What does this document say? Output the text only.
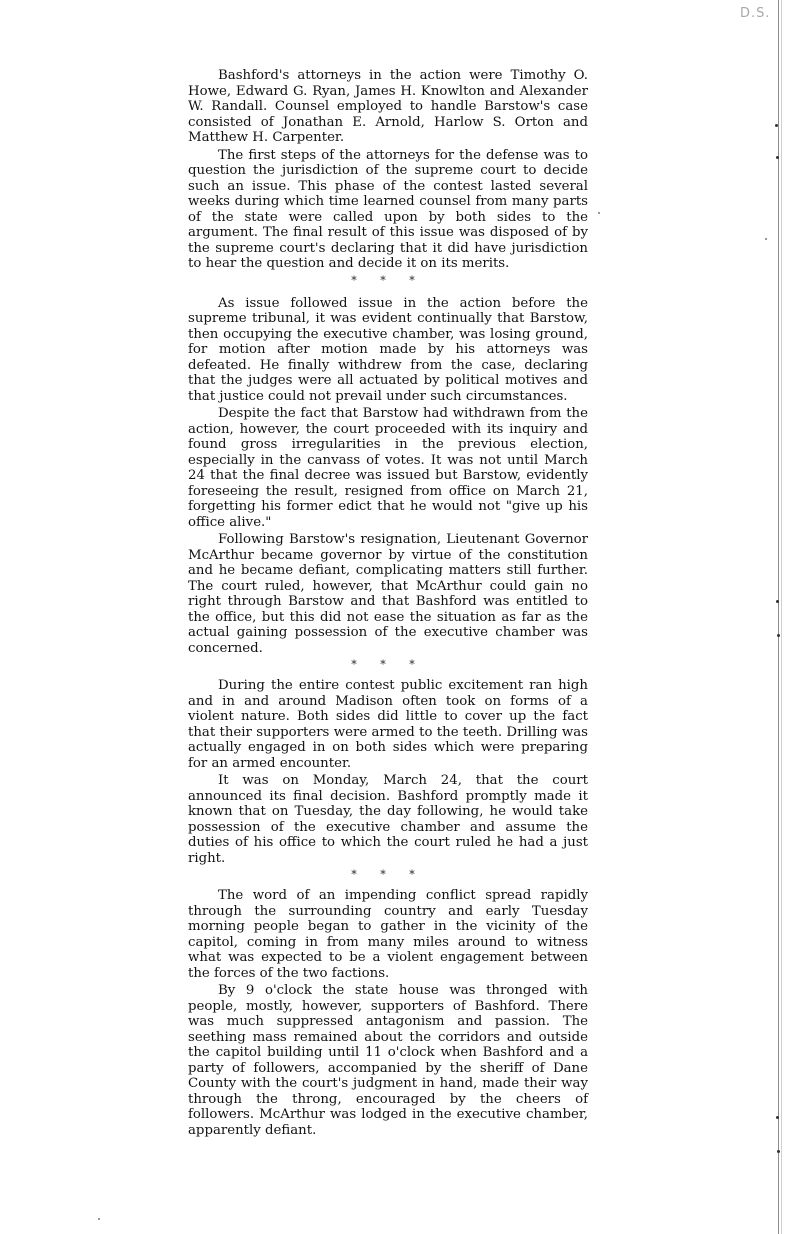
D.S.

Bashford's attorneys in the action were Timothy O. Howe, Edward G. Ryan, James H. Knowlton and Alexander W. Randall. Counsel employed to handle Barstow's case consisted of Jonathan E. Arnold, Harlow S. Orton and Matthew H. Carpenter.

The first steps of the attorneys for the defense was to question the jurisdiction of the supreme court to decide such an issue. This phase of the contest lasted several weeks during which time learned counsel from many parts of the state were called upon by both sides to the argument. The final result of this issue was disposed of by the supreme court's declaring that it did have jurisdiction to hear the question and decide it on its merits.

* * *

As issue followed issue in the action before the supreme tribunal, it was evident continually that Barstow, then occupying the executive chamber, was losing ground, for motion after motion made by his attorneys was defeated. He finally withdrew from the case, declaring that the judges were all actuated by political motives and that justice could not prevail under such circumstances.

Despite the fact that Barstow had withdrawn from the action, however, the court proceeded with its inquiry and found gross irregularities in the previous election, especially in the canvass of votes. It was not until March 24 that the final decree was issued but Barstow, evidently foreseeing the result, resigned from office on March 21, forgetting his former edict that he would not "give up his office alive."

Following Barstow's resignation, Lieutenant Governor McArthur became governor by virtue of the constitution and he became defiant, complicating matters still further. The court ruled, however, that McArthur could gain no right through Barstow and that Bashford was entitled to the office, but this did not ease the situation as far as the actual gaining possession of the executive chamber was concerned.

* * *

During the entire contest public excitement ran high and in and around Madison often took on forms of a violent nature. Both sides did little to cover up the fact that their supporters were armed to the teeth. Drilling was actually engaged in on both sides which were preparing for an armed encounter.

It was on Monday, March 24, that the court announced its final decision. Bashford promptly made it known that on Tuesday, the day following, he would take possession of the executive chamber and assume the duties of his office to which the court ruled he had a just right.

* * *

The word of an impending conflict spread rapidly through the surrounding country and early Tuesday morning people began to gather in the vicinity of the capitol, coming in from many miles around to witness what was expected to be a violent engagement between the forces of the two factions.

By 9 o'clock the state house was thronged with people, mostly, however, supporters of Bashford. There was much suppressed antagonism and passion. The seething mass remained about the corridors and outside the capitol building until 11 o'clock when Bashford and a party of followers, accompanied by the sheriff of Dane County with the court's judgment in hand, made their way through the throng, encouraged by the cheers of followers. McArthur was lodged in the executive chamber, apparently defiant.
